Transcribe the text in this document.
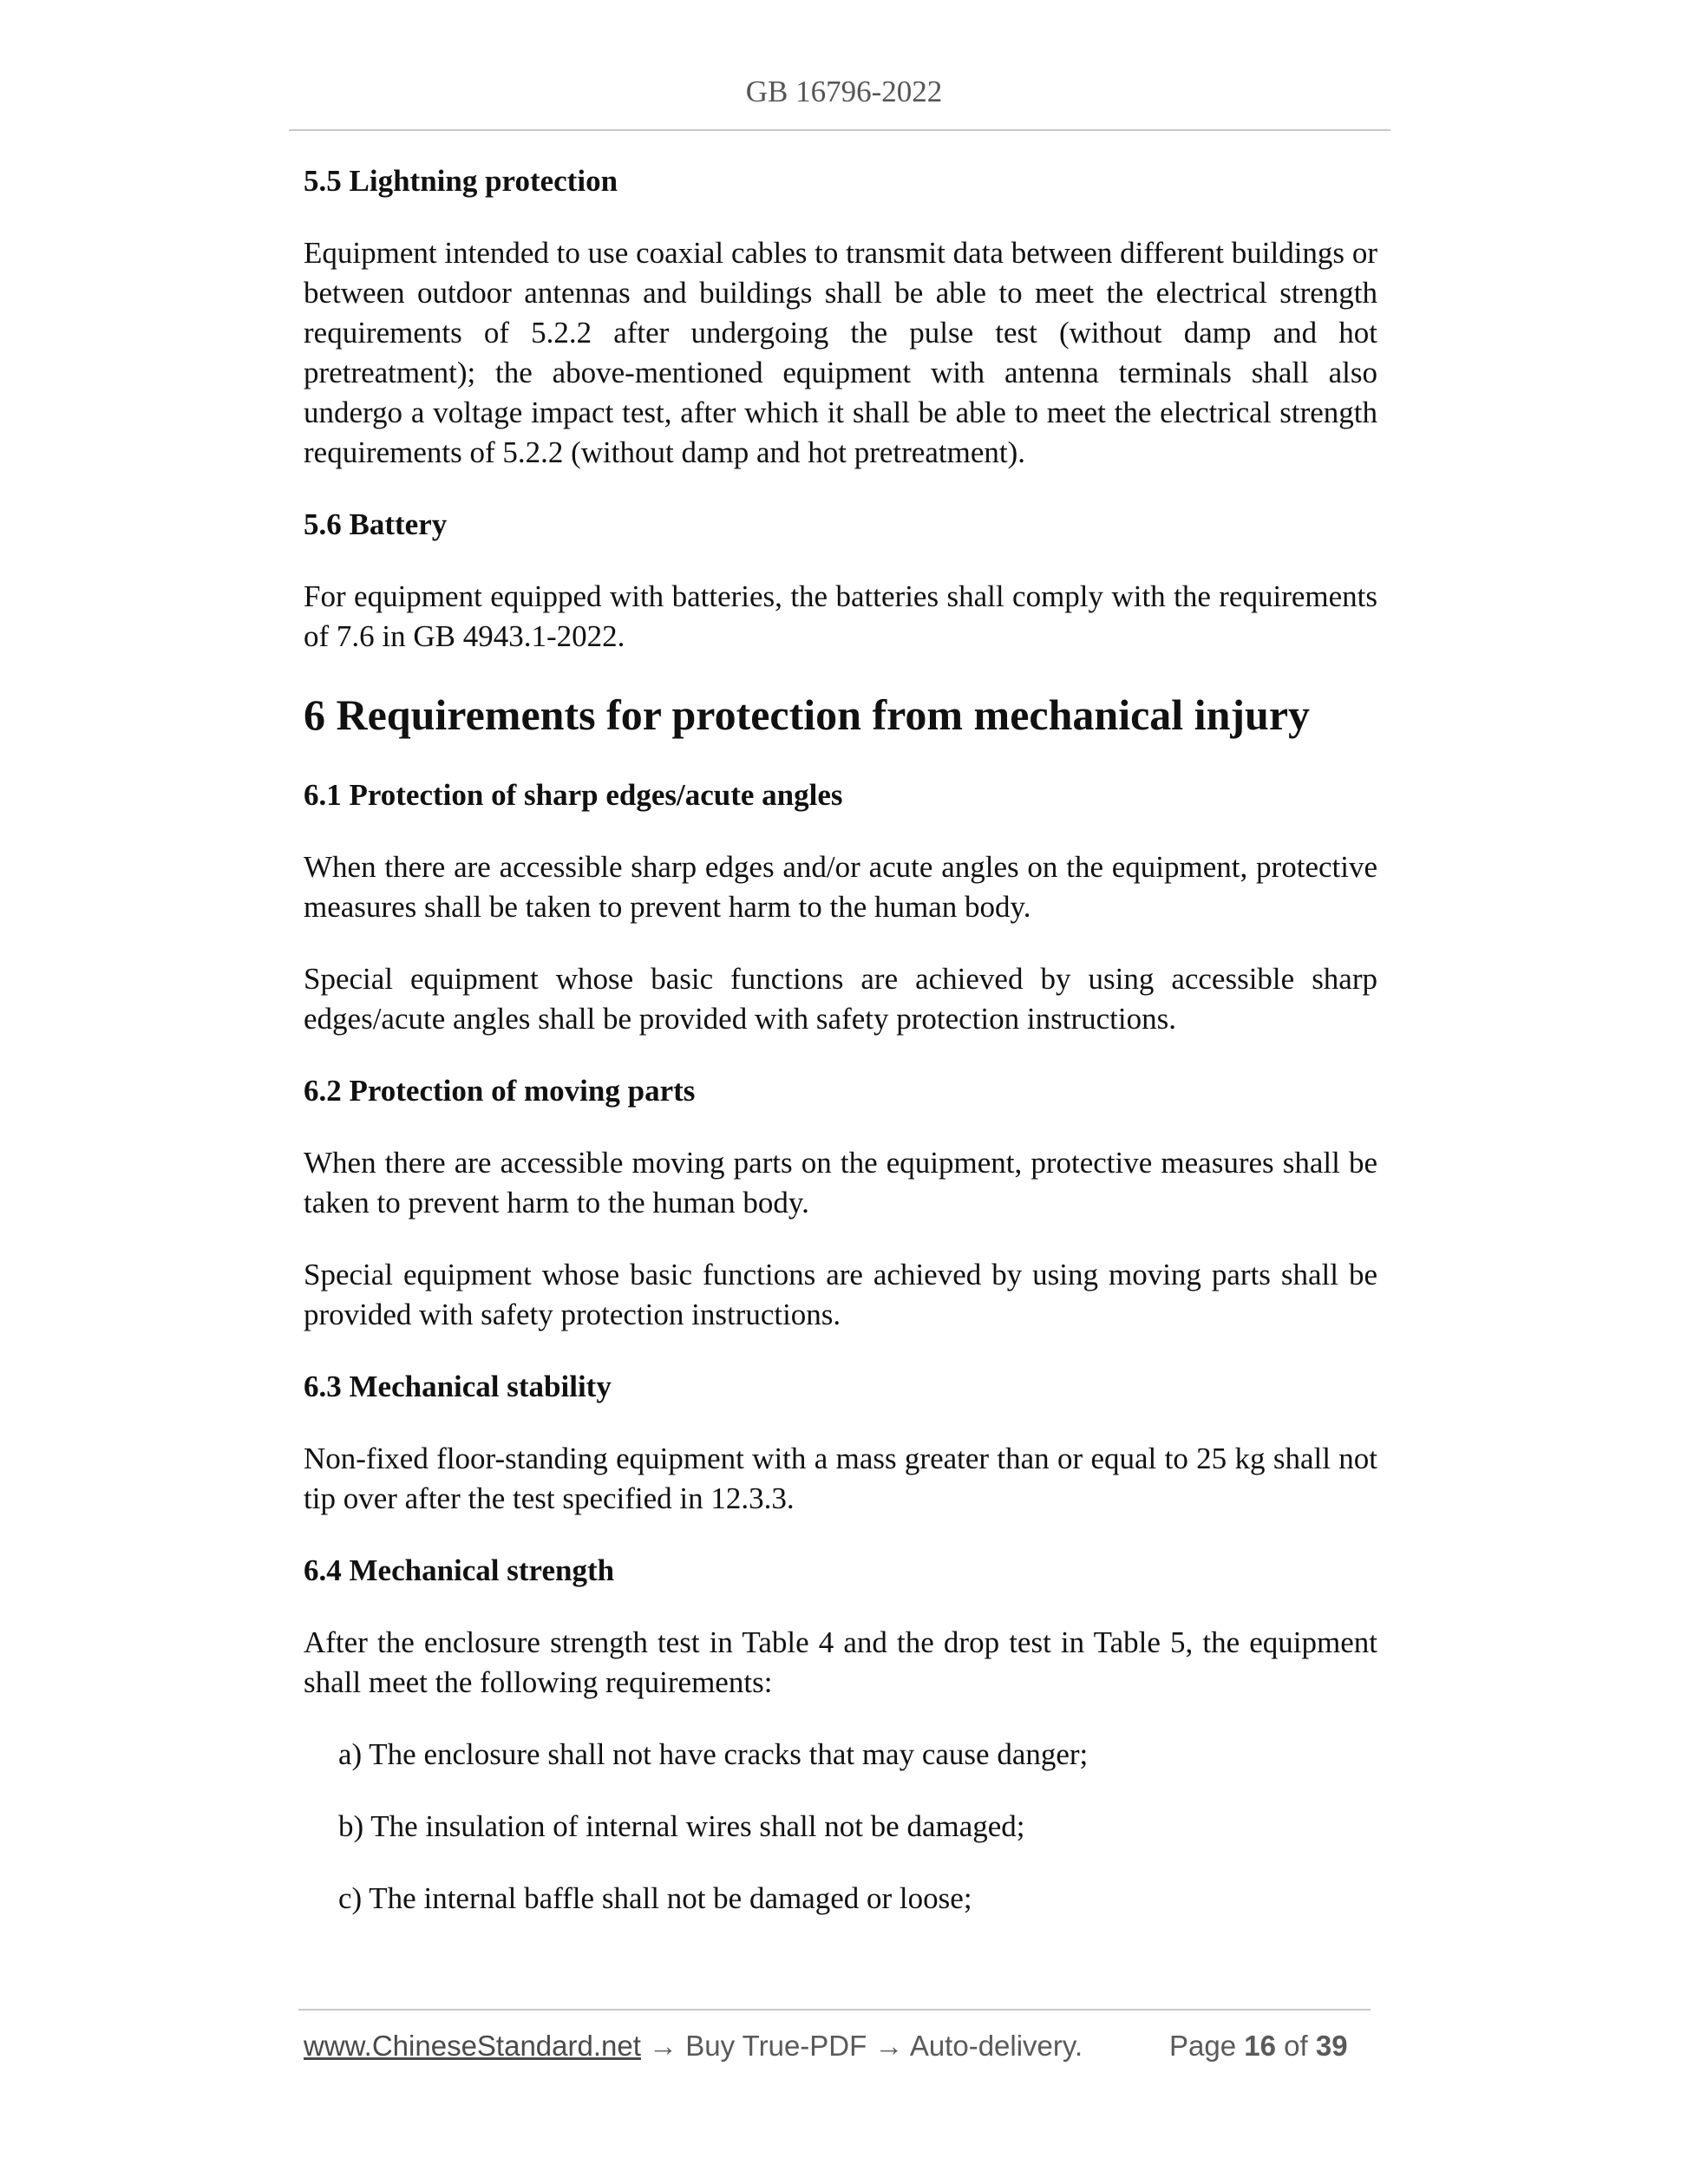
GB 16796-2022
5.5 Lightning protection

Equipment intended to use coaxial cables to transmit data between different buildings or between outdoor antennas and buildings shall be able to meet the electrical strength requirements of 5.2.2 after undergoing the pulse test (without damp and hot pretreatment); the above-mentioned equipment with antenna terminals shall also undergo a voltage impact test, after which it shall be able to meet the electrical strength requirements of 5.2.2 (without damp and hot pretreatment).

5.6 Battery

For equipment equipped with batteries, the batteries shall comply with the requirements of 7.6 in GB 4943.1-2022.

6 Requirements for protection from mechanical injury
6.1 Protection of sharp edges/acute angles

When there are accessible sharp edges and/or acute angles on the equipment, protective measures shall be taken to prevent harm to the human body.

Special equipment whose basic functions are achieved by using accessible sharp edges/acute angles shall be provided with safety protection instructions.

6.2 Protection of moving parts

When there are accessible moving parts on the equipment, protective measures shall be taken to prevent harm to the human body.

Special equipment whose basic functions are achieved by using moving parts shall be provided with safety protection instructions.

6.3 Mechanical stability

Non-fixed floor-standing equipment with a mass greater than or equal to 25 kg shall not tip over after the test specified in 12.3.3.

6.4 Mechanical strength

After the enclosure strength test in Table 4 and the drop test in Table 5, the equipment shall meet the following requirements:

a) The enclosure shall not have cracks that may cause danger;
b) The insulation of internal wires shall not be damaged;
c) The internal baffle shall not be damaged or loose;
www.ChineseStandard.net → Buy True-PDF → Auto-delivery.	Page 16 of 39
